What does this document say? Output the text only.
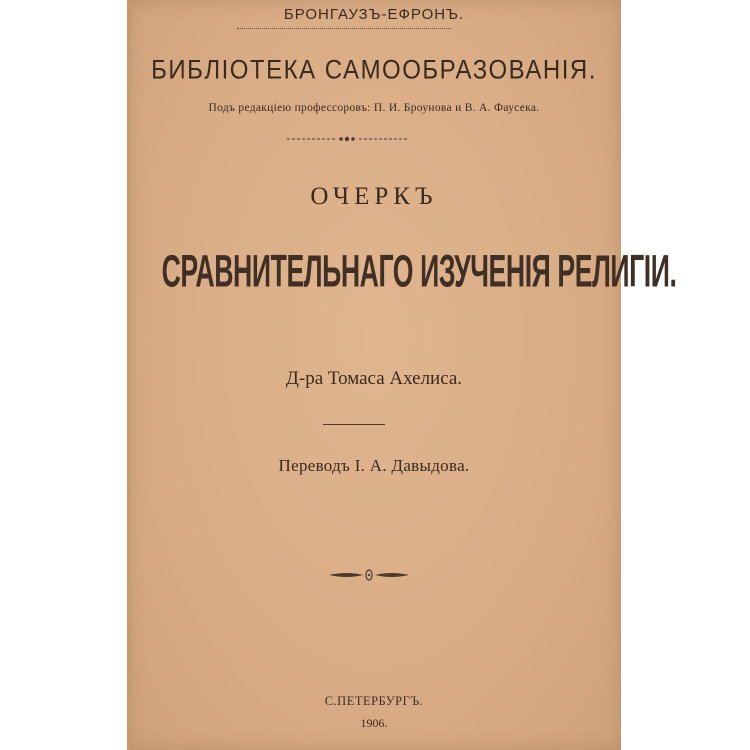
БРОНГАУЗЪ-ЕФРОНЪ.
БИБЛІОТЕКА САМООБРАЗОВАНІЯ.
Подъ редакціею профессоровъ: П. И. Броунова и В. А. Фаусека.
ОЧЕРКЪ
СРАВНИТЕЛЬНАГО ИЗУЧЕНІЯ РЕЛИГІИ.
Д-ра Томаса Ахелиса.
Переводъ І. А. Давыдова.
С.ПЕТЕРБУРГЪ.
1906.
